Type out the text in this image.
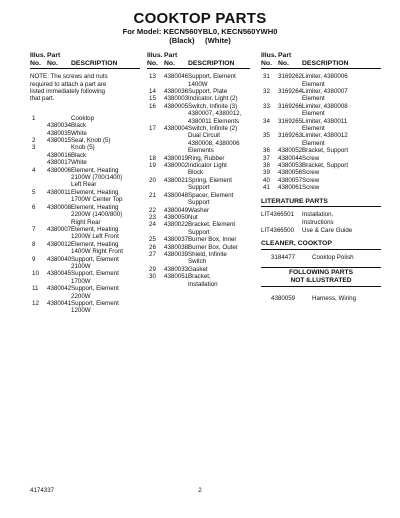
COOKTOP PARTS
For Model: KECN560YBL0, KECN560YWH0
(Black)     (White)
Illus.
No.
Part
No.	DESCRIPTION
NOTE: The screws and nuts
required to attach a part are
listed immediately following
that part.
1	Cooktop
4380034 Black
4380035 White
2	4380015 Seal, Knob (5)
3	Knob (5)
4380016 Black
4380017 White
4	4380006 Element, Heating
2100W (700/1400)
Left Rear
5	4380011 Element, Heating
1700W Center Top
6	4380008 Element, Heating
2200W (1400/800)
Right Rear
7	4380007 Element, Heating
1200W Left Front
8	4380012 Element, Heating
1400W Right Front
9	4380040 Support, Element
2100W
10	4380045 Support, Element
1700W
11	4380042 Support, Element
2200W
12	4380041 Support, Element
1200W
Illus.
No.
Part
No.	DESCRIPTION
13	4380046 Support, Element
1400W
14	4380036 Support, Plate
15	4380003 Indicator, Light (2)
16	4380005 Switch, Infinite (3)
4380007, 4380012,
4380011 Elements
17	4380004 Switch, Infinite (2)
Dual Circuit
4380008, 4380006
Elements
18	4380019 Ring, Rubber
19	4380002 Indicator Light
Block
20	4380021 Spring, Element
Support
21	4380048 Spacer, Element
Support
22	4380049 Washer
23	4380050 Nut
24	4380022 Bracket, Element
Support
25	4380037 Burner Box, Inner
26	4380038 Burner Box, Outer
27	4380039 Shield, Infinite
Switch
29	4380033 Gasket
30	4380051 Bracket,
Installation
Illus.
No.
Part
No.	DESCRIPTION
31	3169262 Limiter, 4380006
Element
32	3169264 Limiter, 4380007
Element
33	3169266 Limiter, 4380008
Element
34	3169265 Limiter, 4380011
Element
35	3169263 Limiter, 4380012
Element
36	4380052 Bracket, Support
37	4380044 Screw
38	4380053 Bracket, Support
39	4380056 Screw
40	4380057 Screw
41	4380061 Screw
LITERATURE PARTS
LIT4366501	Installation,
Instructions
LIT4366500	Use & Care Guide
CLEANER, COOKTOP
3184477	Cooktop Polish
FOLLOWING PARTS
NOT ILLUSTRATED
4380059	Harness, Wiring
4174337	2
